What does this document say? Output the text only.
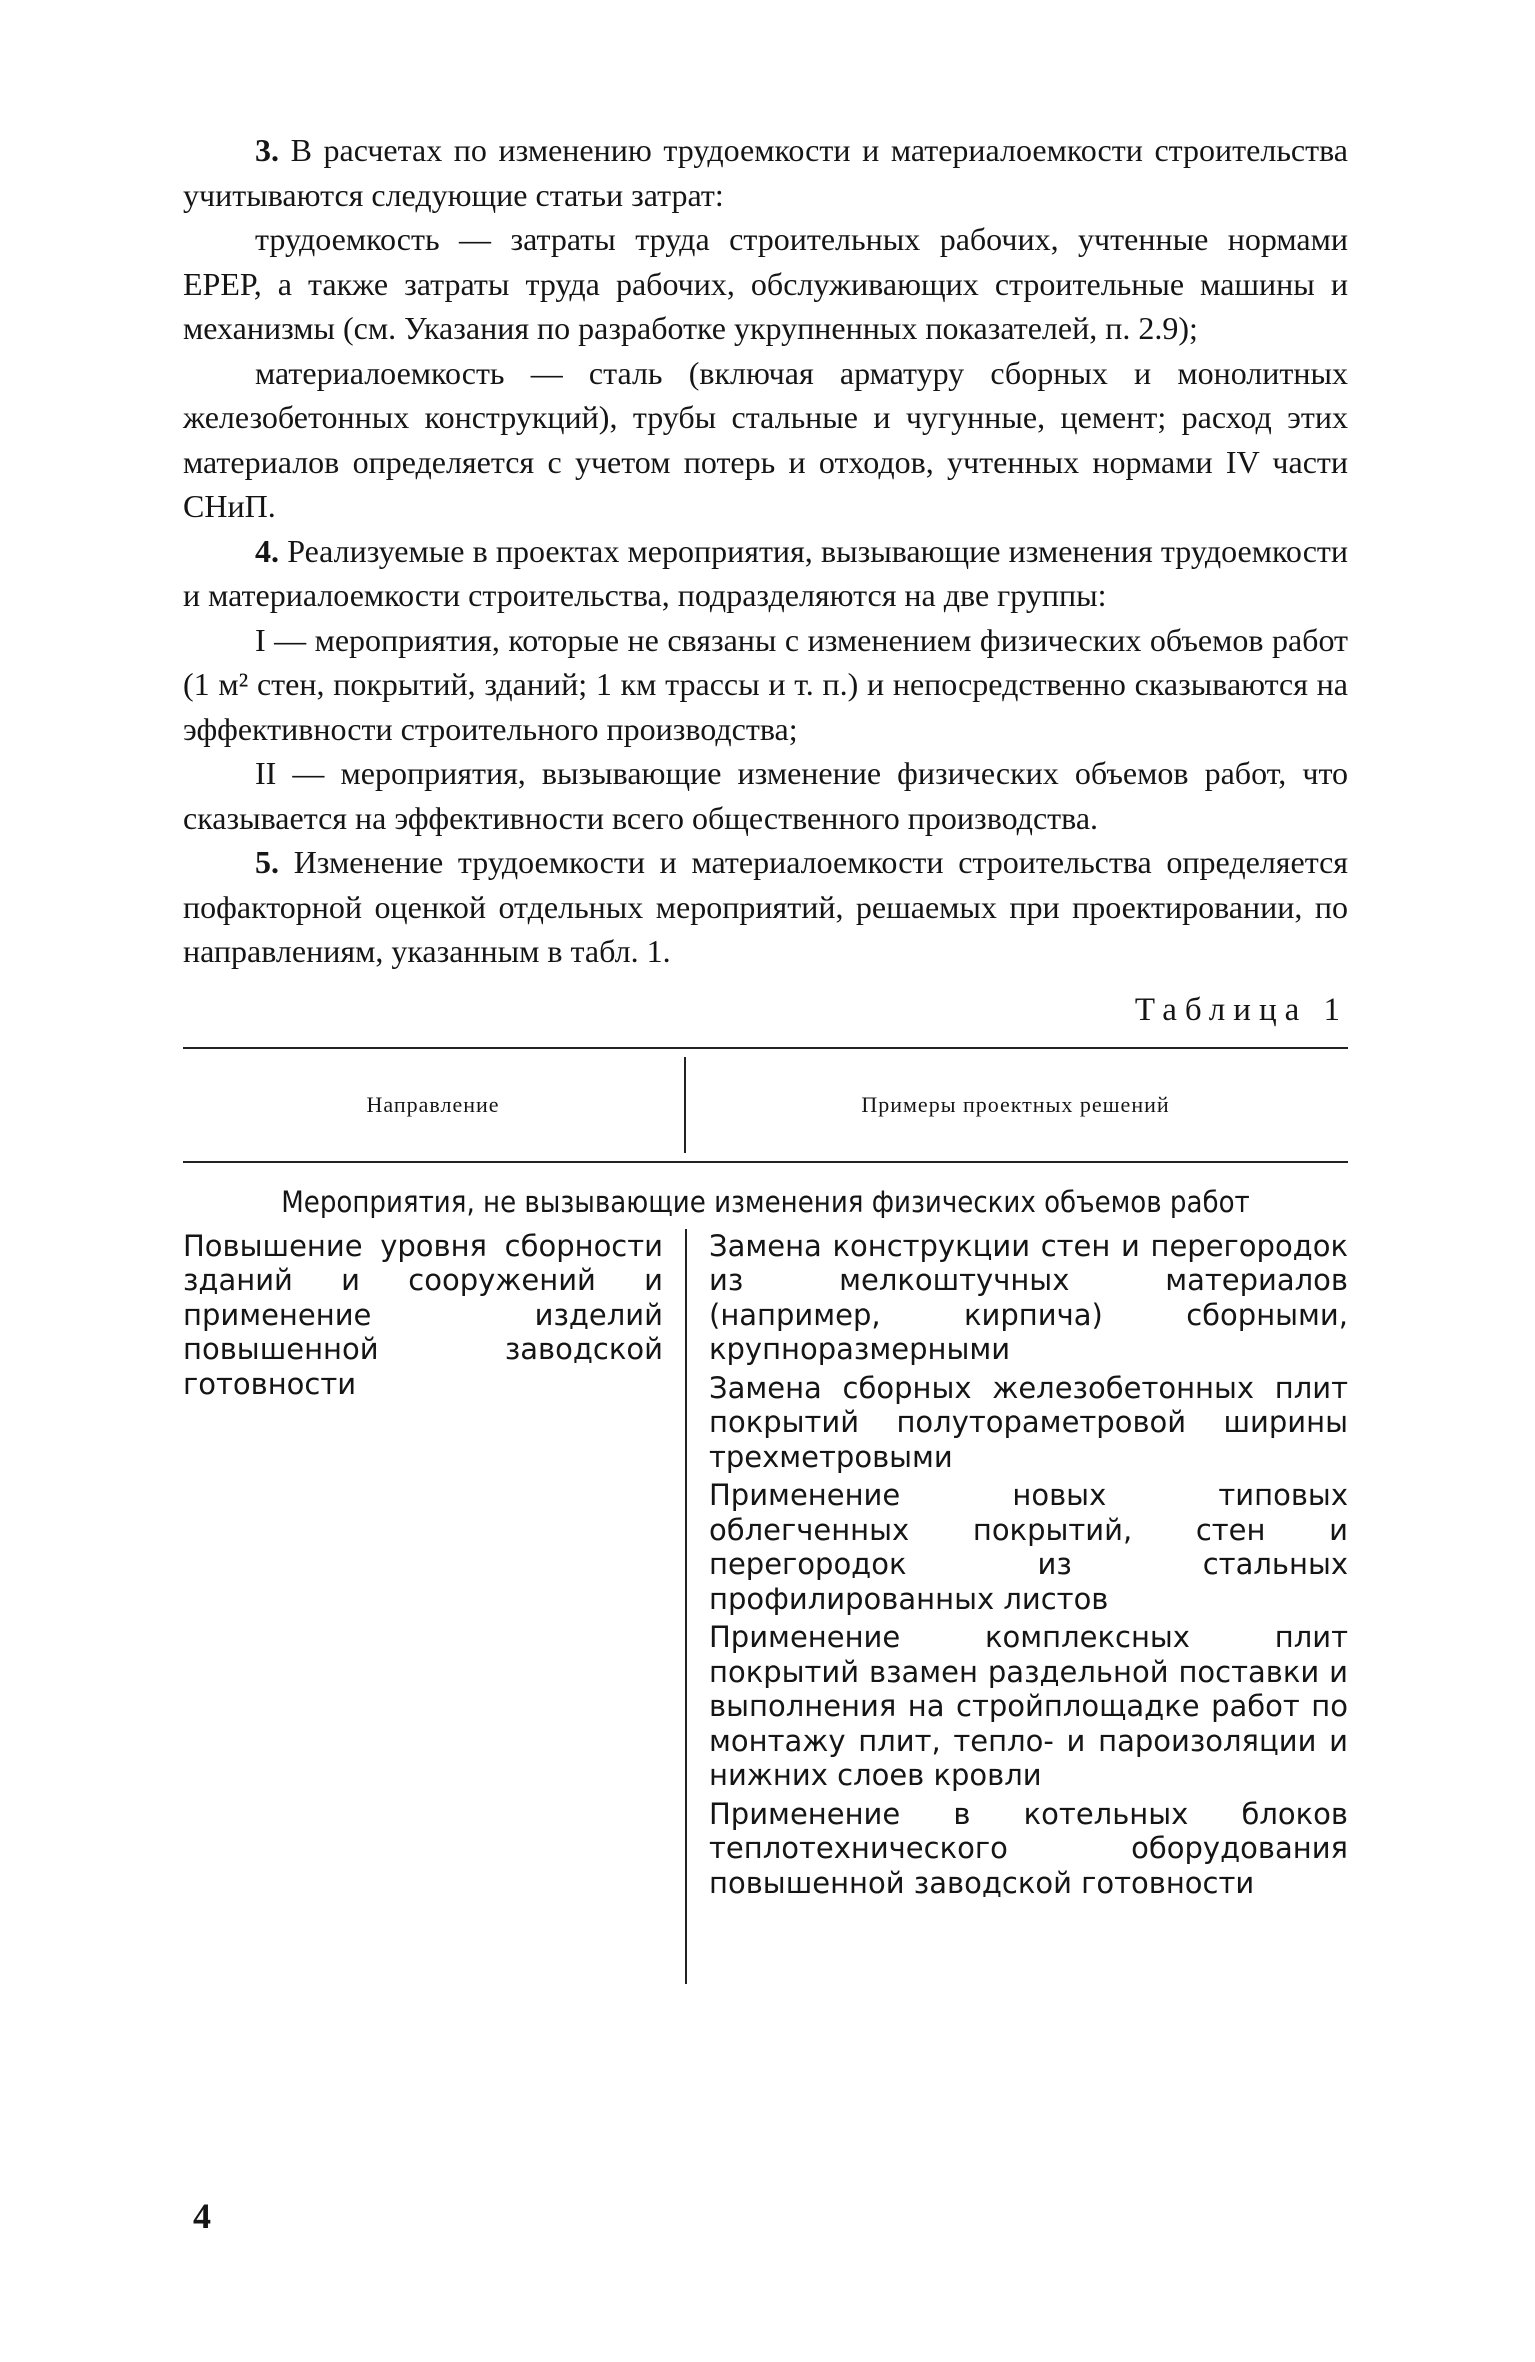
3. В расчетах по изменению трудоемкости и материалоемкости строительства учитываются следующие статьи затрат:

трудоемкость — затраты труда строительных рабочих, учтенные нормами ЕРЕР, а также затраты труда рабочих, обслуживающих строительные машины и механизмы (см. Указания по разработке укрупненных показателей, п. 2.9);

материалоемкость — сталь (включая арматуру сборных и монолитных железобетонных конструкций), трубы стальные и чугунные, цемент; расход этих материалов определяется с учетом потерь и отходов, учтенных нормами IV части СНиП.

4. Реализуемые в проектах мероприятия, вызывающие изменения трудоемкости и материалоемкости строительства, подразделяются на две группы:

I — мероприятия, которые не связаны с изменением физических объемов работ (1 м² стен, покрытий, зданий; 1 км трассы и т. п.) и непосредственно сказываются на эффективности строительного производства;

II — мероприятия, вызывающие изменение физических объемов работ, что сказывается на эффективности всего общественного производства.

5. Изменение трудоемкости и материалоемкости строительства определяется пофакторной оценкой отдельных мероприятий, решаемых при проектировании, по направлениям, указанным в табл. 1.

Таблица 1
Направление	Примеры проектных решений
Мероприятия, не вызывающие изменения физических объемов работ
Повышение уровня сборности зданий и сооружений и применение изделий повышенной заводской готовности

Замена конструкции стен и перегородок из мелкоштучных материалов (например, кирпича) сборными, крупноразмерными

Замена сборных железобетонных плит покрытий полутораметровой ширины трехметровыми

Применение новых типовых облегченных покрытий, стен и перегородок из стальных профилированных листов

Применение комплексных плит покрытий взамен раздельной поставки и выполнения на стройплощадке работ по монтажу плит, тепло- и пароизоляции и нижних слоев кровли

Применение в котельных блоков теплотехнического оборудования повышенной заводской готовности

4
